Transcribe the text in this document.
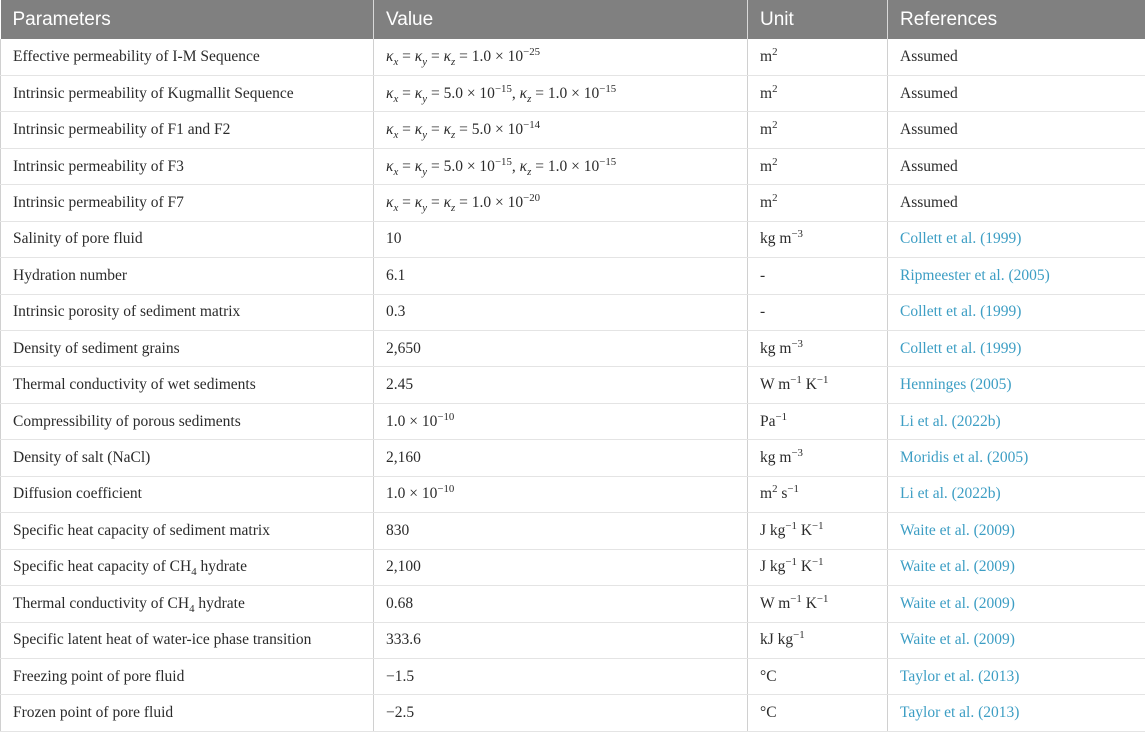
Parameters	Value	Unit	References
Effective permeability of I-M Sequence	$\kappa_x = \kappa_y = \kappa_z = 1.0 \times 10^{-25}$	$m^2$	Assumed
Intrinsic permeability of Kugmallit Sequence	$\kappa_x = \kappa_y = 5.0 \times 10^{-15}$, $\kappa_z = 1.0 \times 10^{-15}$	$m^2$	Assumed
Intrinsic permeability of F1 and F2	$\kappa_x = \kappa_y = \kappa_z = 5.0 \times 10^{-14}$	$m^2$	Assumed
Intrinsic permeability of F3	$\kappa_x = \kappa_y = 5.0 \times 10^{-15}$, $\kappa_z = 1.0 \times 10^{-15}$	$m^2$	Assumed
Intrinsic permeability of F7	$\kappa_x = \kappa_y = \kappa_z = 1.0 \times 10^{-20}$	$m^2$	Assumed
Salinity of pore fluid	10	kg $m^{-3}$	Collett et al. (1999)
Hydration number	6.1	-	Ripmeester et al. (2005)
Intrinsic porosity of sediment matrix	0.3	-	Collett et al. (1999)
Density of sediment grains	2,650	kg $m^{-3}$	Collett et al. (1999)
Thermal conductivity of wet sediments	2.45	W $m^{-1}$ $K^{-1}$	Henninges (2005)
Compressibility of porous sediments	$1.0 \times 10^{-10}$	$Pa^{-1}$	Li et al. (2022b)
Density of salt (NaCl)	2,160	kg $m^{-3}$	Moridis et al. (2005)
Diffusion coefficient	$1.0 \times 10^{-10}$	$m^2$ $s^{-1}$	Li et al. (2022b)
Specific heat capacity of sediment matrix	830	J $kg^{-1}$ $K^{-1}$	Waite et al. (2009)
Specific heat capacity of $CH_4$ hydrate	2,100	J $kg^{-1}$ $K^{-1}$	Waite et al. (2009)
Thermal conductivity of $CH_4$ hydrate	0.68	W $m^{-1}$ $K^{-1}$	Waite et al. (2009)
Specific latent heat of water-ice phase transition	333.6	kJ $kg^{-1}$	Waite et al. (2009)
Freezing point of pore fluid	−1.5	°C	Taylor et al. (2013)
Frozen point of pore fluid	−2.5	°C	Taylor et al. (2013)
